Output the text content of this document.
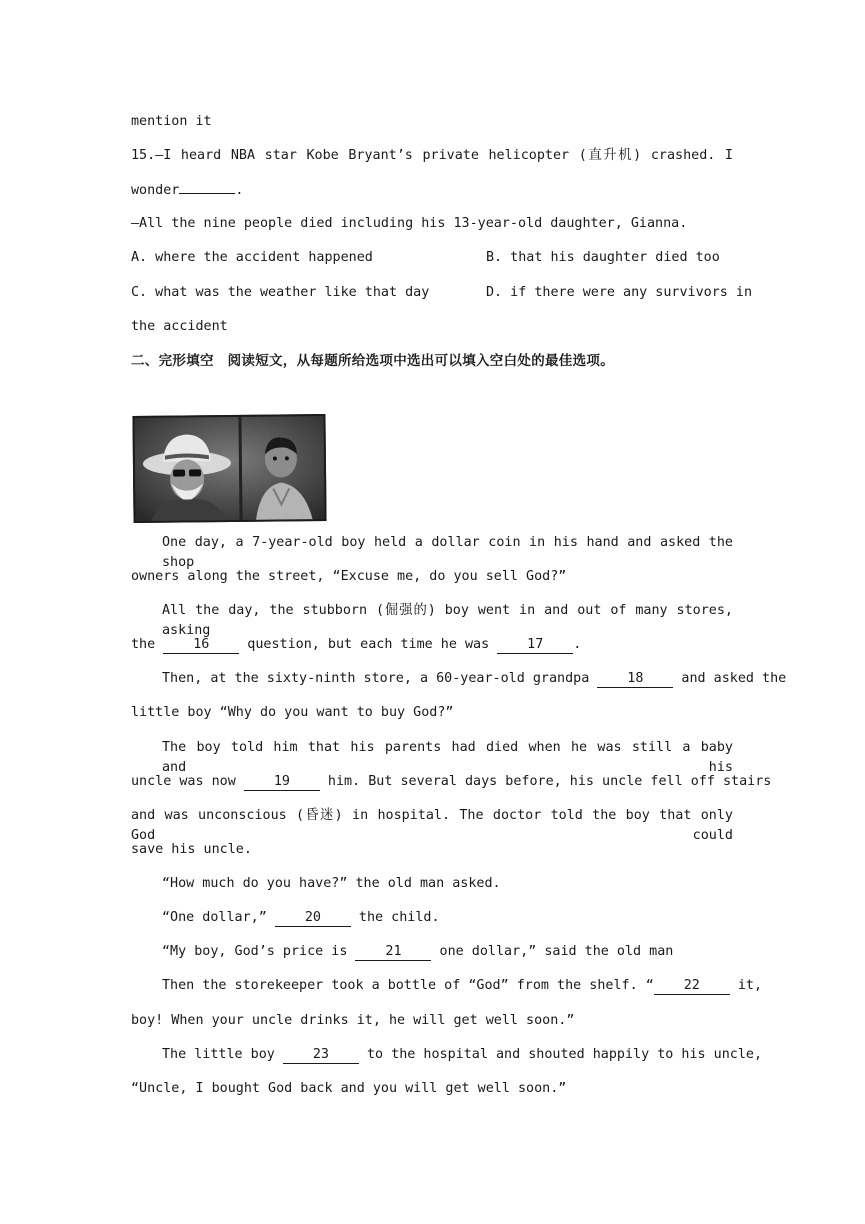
mention it
15.—I heard NBA star Kobe Bryant’s private helicopter (直升机) crashed. I
wonder	.
—All the nine people died including his 13-year-old daughter, Gianna.
A. where the accident happened	B. that his daughter died too
C. what was the weather like that day	D. if there were any survivors in
the accident
二、完形填空　阅读短文，从每题所给选项中选出可以填入空白处的最佳选项。
One day, a 7-year-old boy held a dollar coin in his hand and asked the shop
owners along the street, “Excuse me, do you sell God?”
All the day, the stubborn (倔强的) boy went in and out of many stores, asking
the 16 question, but each time he was 17 .
Then, at the sixty-ninth store, a 60-year-old grandpa 18 and asked the
little boy “Why do you want to buy God?”
The boy told him that his parents had died when he was still a baby and his
uncle was now 19 him. But several days before, his uncle fell off stairs
and was unconscious (昏迷) in hospital. The doctor told the boy that only God could
save his uncle.
“How much do you have?” the old man asked.
“One dollar,” 20 the child.
“My boy, God’s price is 21 one dollar,” said the old man
Then the storekeeper took a bottle of “God” from the shelf. “ 22 it,
boy! When your uncle drinks it, he will get well soon.”
The little boy 23 to the hospital and shouted happily to his uncle,
“Uncle, I bought God back and you will get well soon.”
